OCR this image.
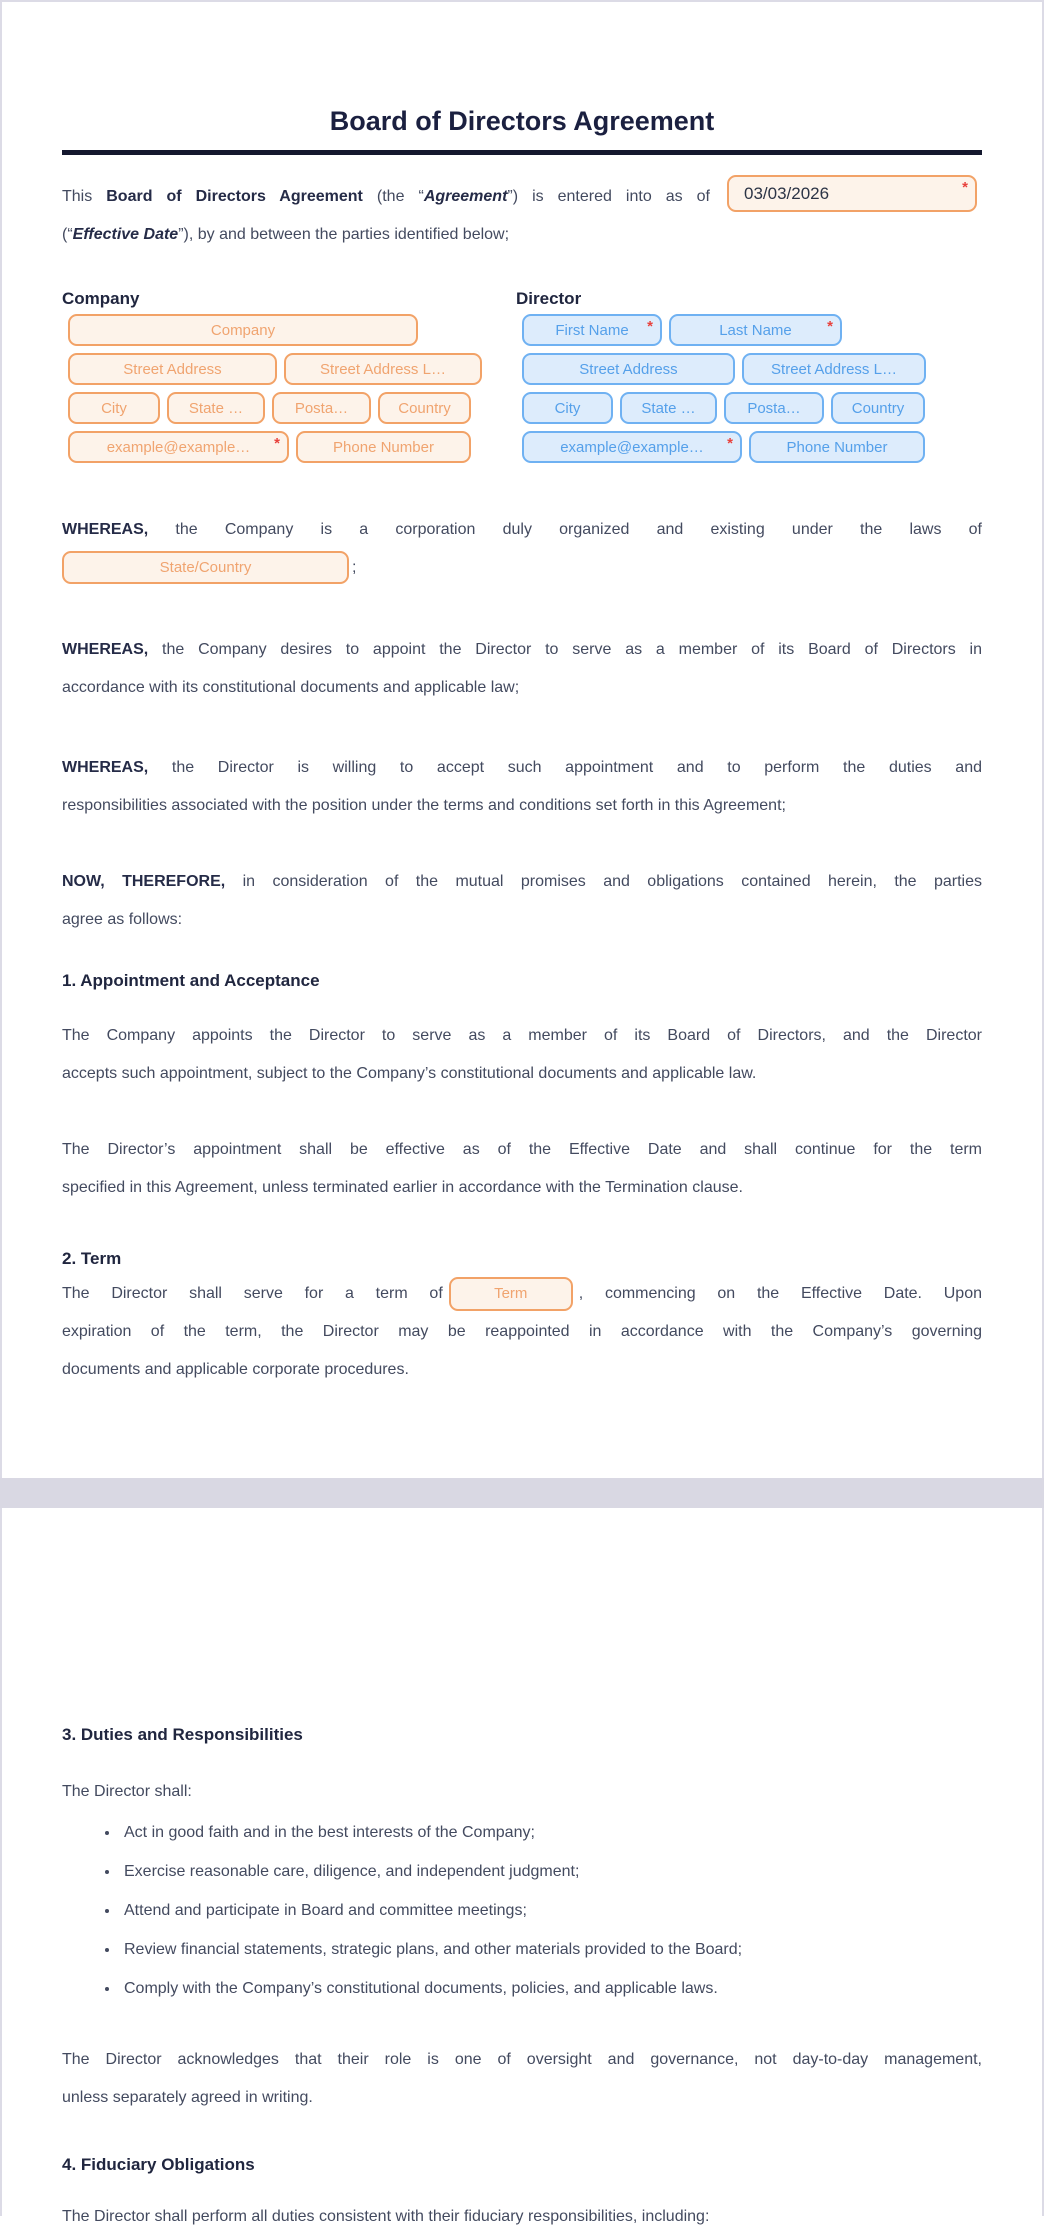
Board of Directors Agreement
This Board of Directors Agreement (the “Agreement”) is entered into as of
(“Effective Date”), by and between the parties identified below;
03/03/2026	*
Company
Company
Street Address	Street Address L…
City	State …	Posta…	Country
example@example…	*	Phone Number
Director
First Name	*	Last Name	*
Street Address	Street Address L…
City	State …	Posta…	Country
example@example…	*	Phone Number
WHEREAS, the Company is a corporation duly organized and existing under the laws of
State/Country	;
WHEREAS, the Company desires to appoint the Director to serve as a member of its Board of Directors in
accordance with its constitutional documents and applicable law;
WHEREAS, the Director is willing to accept such appointment and to perform the duties and
responsibilities associated with the position under the terms and conditions set forth in this Agreement;
NOW, THEREFORE, in consideration of the mutual promises and obligations contained herein, the parties
agree as follows:
1. Appointment and Acceptance
The Company appoints the Director to serve as a member of its Board of Directors, and the Director
accepts such appointment, subject to the Company’s constitutional documents and applicable law.
The Director’s appointment shall be effective as of the Effective Date and shall continue for the term
specified in this Agreement, unless terminated earlier in accordance with the Termination clause.
2. Term
The Director shall serve for a term of	Term	, commencing on the Effective Date. Upon
expiration of the term, the Director may be reappointed in accordance with the Company’s governing
documents and applicable corporate procedures.
3. Duties and Responsibilities
The Director shall:
• Act in good faith and in the best interests of the Company;
• Exercise reasonable care, diligence, and independent judgment;
• Attend and participate in Board and committee meetings;
• Review financial statements, strategic plans, and other materials provided to the Board;
• Comply with the Company’s constitutional documents, policies, and applicable laws.
The Director acknowledges that their role is one of oversight and governance, not day-to-day management,
unless separately agreed in writing.
4. Fiduciary Obligations
The Director shall perform all duties consistent with their fiduciary responsibilities, including:
